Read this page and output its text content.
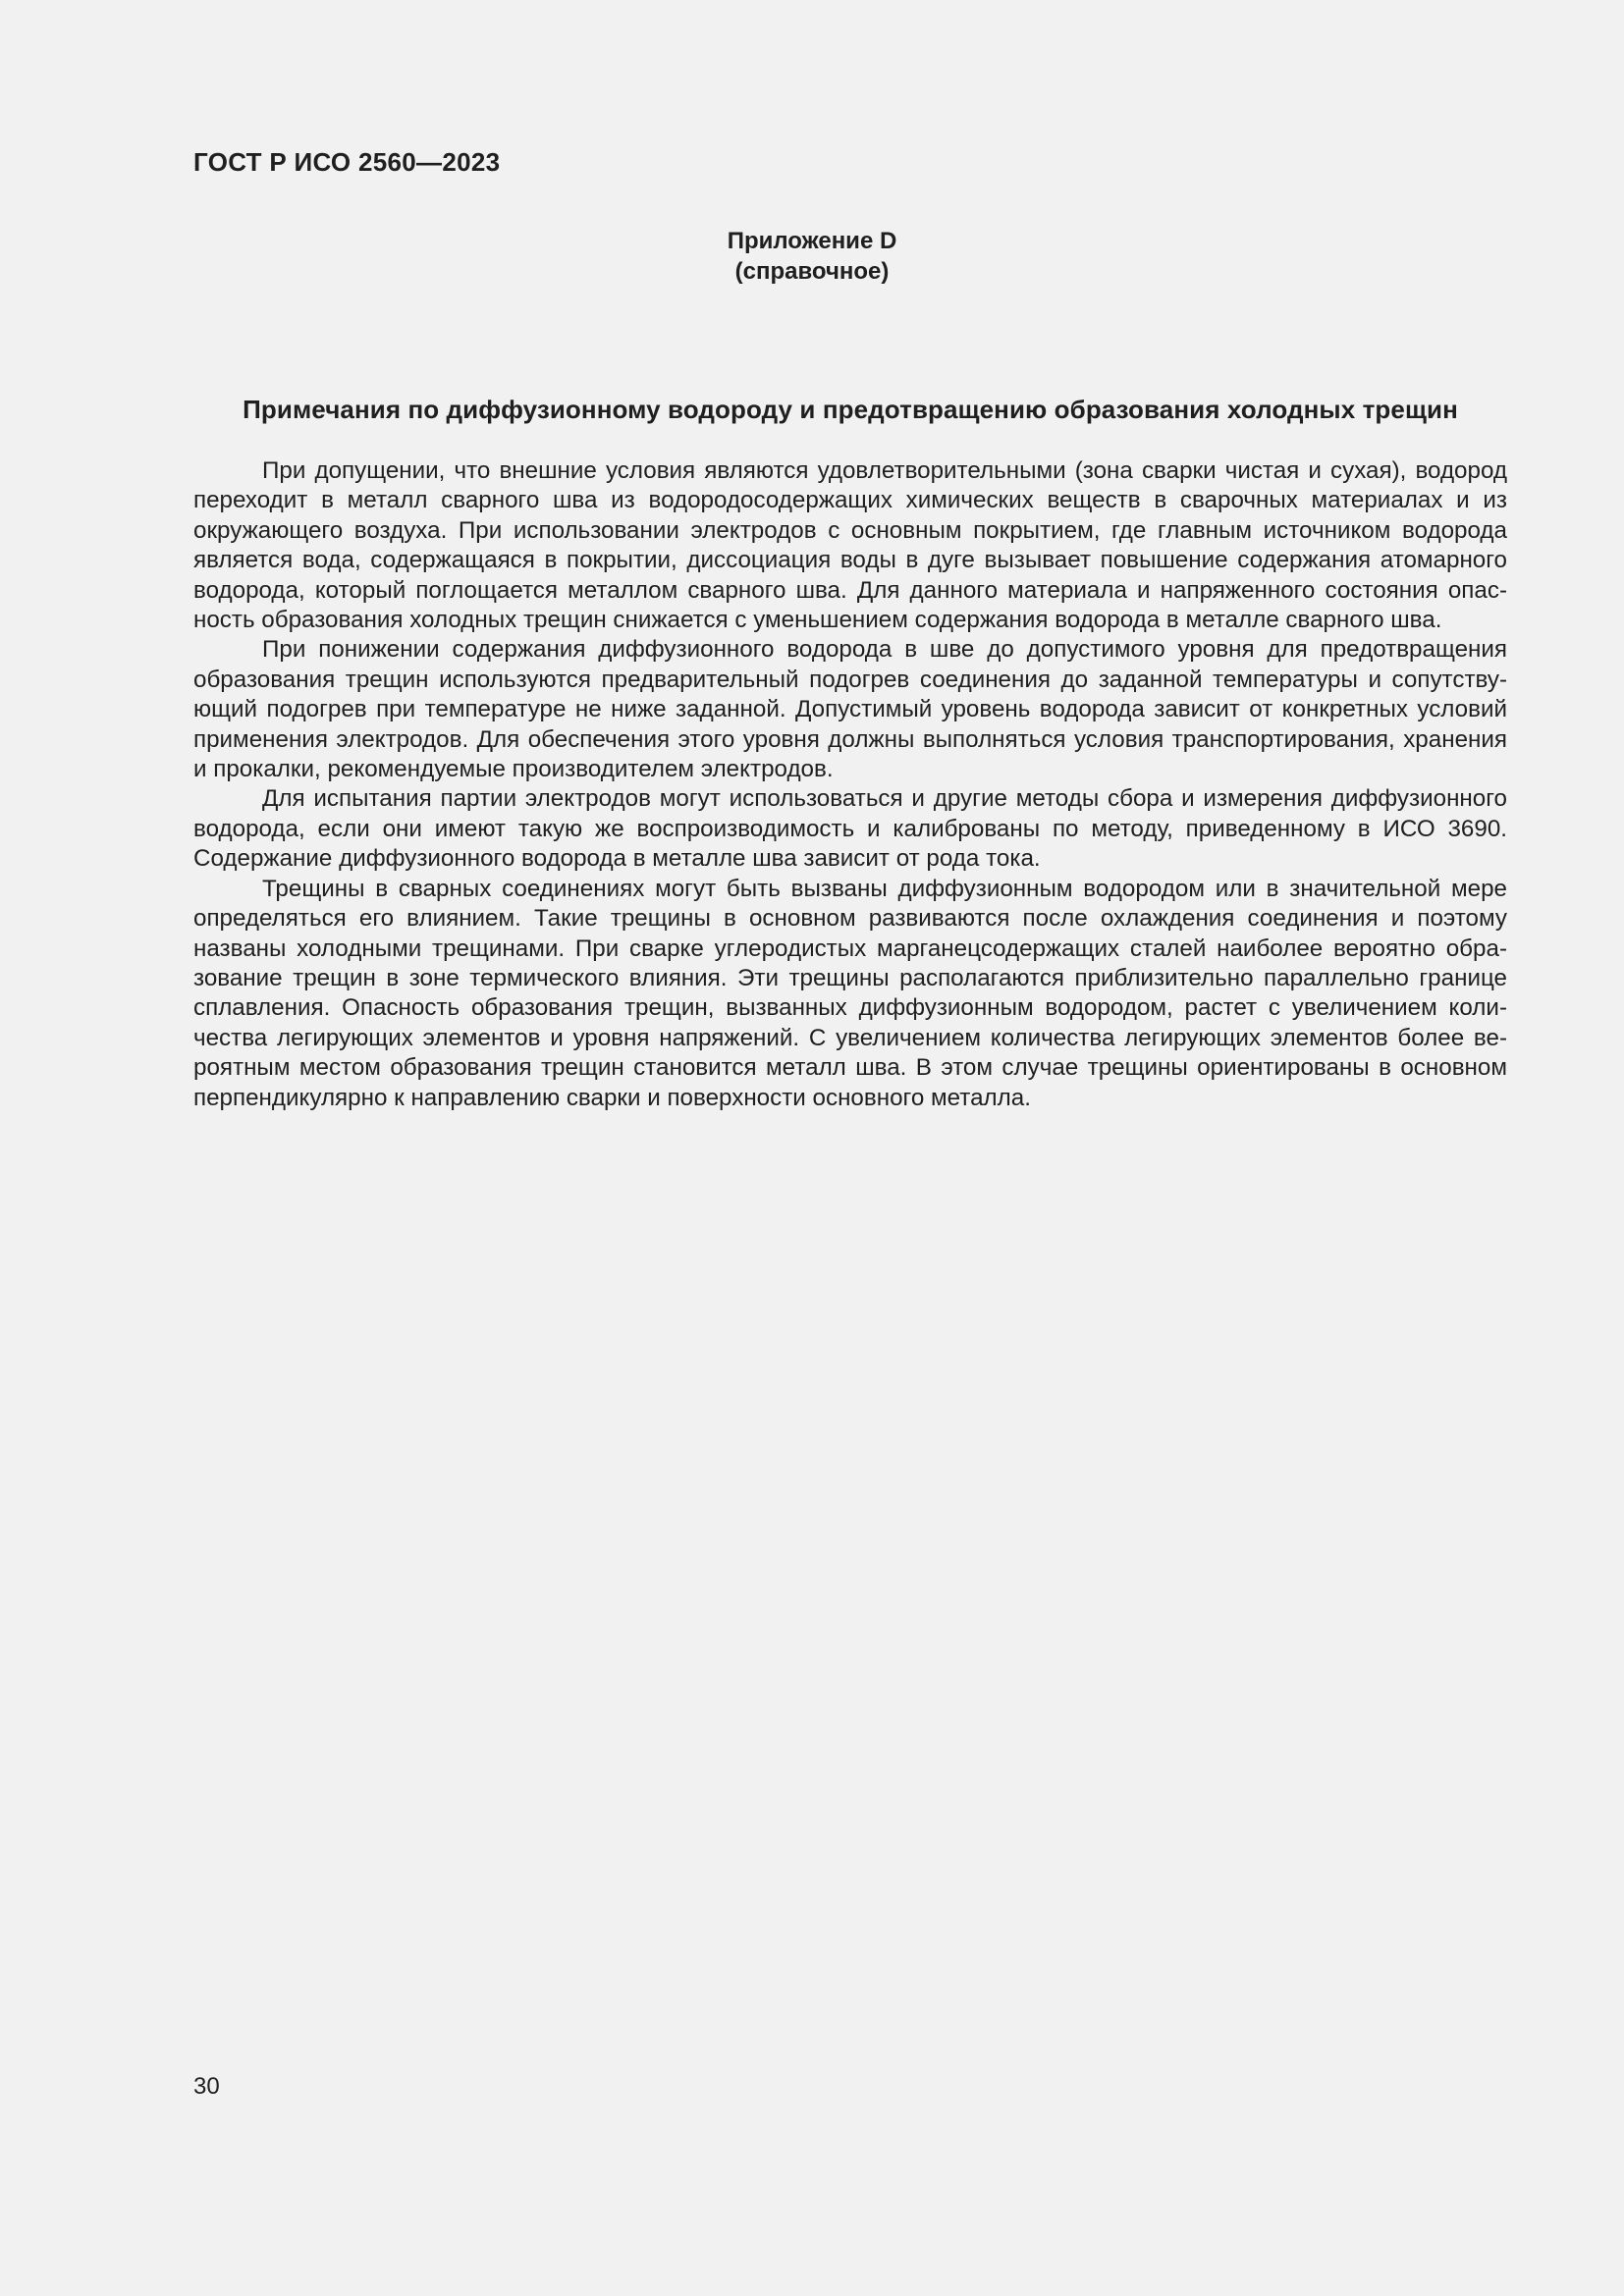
ГОСТ Р ИСО 2560—2023
Приложение D
(справочное)
Примечания по диффузионному водороду и предотвращению образования холодных трещин

При допущении, что внешние условия являются удовлетворительными (зона сварки чистая и сухая), водород переходит в металл сварного шва из водородосодержащих химических веществ в сварочных материалах и из окружающего воздуха. При использовании электродов с основным покрытием, где главным источником водорода является вода, содержащаяся в покрытии, диссоциация воды в дуге вызывает повышение содержания атомарного водорода, который поглощается металлом сварного шва. Для данного материала и напряженного состояния опасность образования холодных трещин снижается с уменьшением содержания водорода в металле сварного шва.

При понижении содержания диффузионного водорода в шве до допустимого уровня для предотвращения образования трещин используются предварительный подогрев соединения до заданной температуры и сопутствующий подогрев при температуре не ниже заданной. Допустимый уровень водорода зависит от конкретных условий применения электродов. Для обеспечения этого уровня должны выполняться условия транспортирования, хранения и прокалки, рекомендуемые производителем электродов.

Для испытания партии электродов могут использоваться и другие методы сбора и измерения диффузионного водорода, если они имеют такую же воспроизводимость и калиброваны по методу, приведенному в ИСО 3690. Содержание диффузионного водорода в металле шва зависит от рода тока.

Трещины в сварных соединениях могут быть вызваны диффузионным водородом или в значительной мере определяться его влиянием. Такие трещины в основном развиваются после охлаждения соединения и поэтому названы холодными трещинами. При сварке углеродистых марганецсодержащих сталей наиболее вероятно образование трещин в зоне термического влияния. Эти трещины располагаются приблизительно параллельно границе сплавления. Опасность образования трещин, вызванных диффузионным водородом, растет с увеличением количества легирующих элементов и уровня напряжений. С увеличением количества легирующих элементов более вероятным местом образования трещин становится металл шва. В этом случае трещины ориентированы в основном перпендикулярно к направлению сварки и поверхности основного металла.

30
